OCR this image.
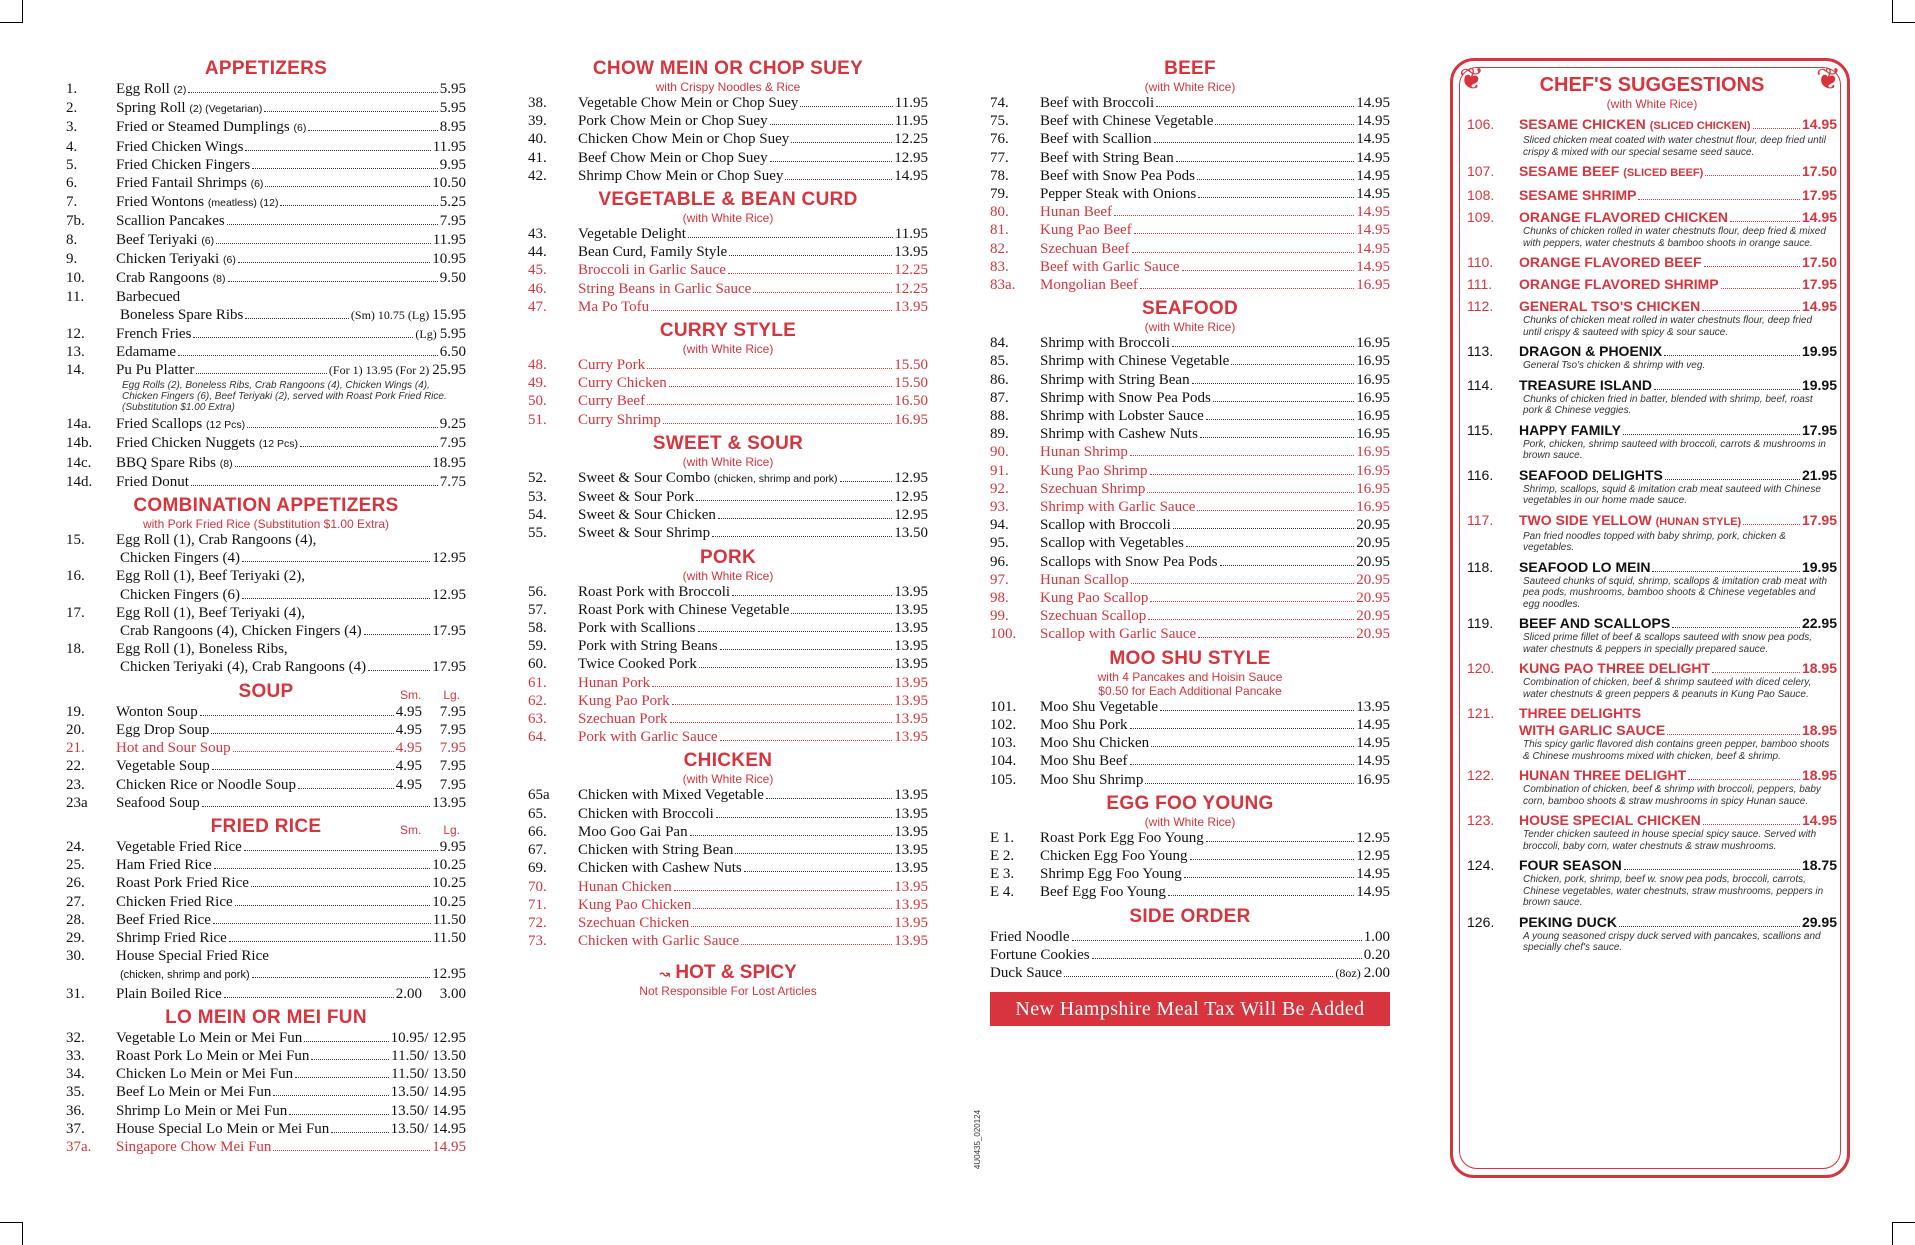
APPETIZERS
1.	Egg Roll (2)	5.95
2.	Spring Roll (2) (Vegetarian)	5.95
3.	Fried or Steamed Dumplings (6)	8.95
4.	Fried Chicken Wings	11.95
5.	Fried Chicken Fingers	9.95
6.	Fried Fantail Shrimps (6)	10.50
7.	Fried Wontons (meatless) (12)	5.25
7b.	Scallion Pancakes	7.95
8.	Beef Teriyaki (6)	11.95
9.	Chicken Teriyaki (6)	10.95
10.	Crab Rangoons (8)	9.50
11.	Barbecued
Boneless Spare Ribs	(Sm) 10.75 (Lg) 15.95
12.	French Fries	(Lg) 5.95
13.	Edamame	6.50
14.	Pu Pu Platter	(For 1) 13.95 (For 2) 25.95
Egg Rolls (2), Boneless Ribs, Crab Rangoons (4), Chicken Wings (4), Chicken Fingers (6), Beef Teriyaki (2), served with Roast Pork Fried Rice. (Substitution $1.00 Extra)
14a.	Fried Scallops (12 Pcs)	9.25
14b.	Fried Chicken Nuggets (12 Pcs)	7.95
14c.	BBQ Spare Ribs (8)	18.95
14d.	Fried Donut	7.75
COMBINATION APPETIZERS
with Pork Fried Rice (Substitution $1.00 Extra)
15.	Egg Roll (1), Crab Rangoons (4),
Chicken Fingers (4)	12.95
16.	Egg Roll (1), Beef Teriyaki (2),
Chicken Fingers (6)	12.95
17.	Egg Roll (1), Beef Teriyaki (4),
Crab Rangoons (4), Chicken Fingers (4)	17.95
18.	Egg Roll (1), Boneless Ribs,
Chicken Teriyaki (4), Crab Rangoons (4)	17.95
SOUP	Sm. Lg.
19.	Wonton Soup	4.95	7.95
20.	Egg Drop Soup	4.95	7.95
21.	Hot and Sour Soup	4.95	7.95
22.	Vegetable Soup	4.95	7.95
23.	Chicken Rice or Noodle Soup	4.95	7.95
23a	Seafood Soup	13.95
FRIED RICE	Sm. Lg.
24.	Vegetable Fried Rice	9.95
25.	Ham Fried Rice	10.25
26.	Roast Pork Fried Rice	10.25
27.	Chicken Fried Rice	10.25
28.	Beef Fried Rice	11.50
29.	Shrimp Fried Rice	11.50
30.	House Special Fried Rice
(chicken, shrimp and pork)	12.95
31.	Plain Boiled Rice	2.00	3.00
LO MEIN OR MEI FUN
32.	Vegetable Lo Mein or Mei Fun	10.95/ 12.95
33.	Roast Pork Lo Mein or Mei Fun	11.50/ 13.50
34.	Chicken Lo Mein or Mei Fun	11.50/ 13.50
35.	Beef Lo Mein or Mei Fun	13.50/ 14.95
36.	Shrimp Lo Mein or Mei Fun	13.50/ 14.95
37.	House Special Lo Mein or Mei Fun	13.50/ 14.95
37a.	Singapore Chow Mei Fun	14.95
CHOW MEIN OR CHOP SUEY
with Crispy Noodles & Rice
38.	Vegetable Chow Mein or Chop Suey	11.95
39.	Pork Chow Mein or Chop Suey	11.95
40.	Chicken Chow Mein or Chop Suey	12.25
41.	Beef Chow Mein or Chop Suey	12.95
42.	Shrimp Chow Mein or Chop Suey	14.95
VEGETABLE & BEAN CURD
(with White Rice)
43.	Vegetable Delight	11.95
44.	Bean Curd, Family Style	13.95
45.	Broccoli in Garlic Sauce	12.25
46.	String Beans in Garlic Sauce	12.25
47.	Ma Po Tofu	13.95
CURRY STYLE
(with White Rice)
48.	Curry Pork	15.50
49.	Curry Chicken	15.50
50.	Curry Beef	16.50
51.	Curry Shrimp	16.95
SWEET & SOUR
(with White Rice)
52.	Sweet & Sour Combo (chicken, shrimp and pork)	12.95
53.	Sweet & Sour Pork	12.95
54.	Sweet & Sour Chicken	12.95
55.	Sweet & Sour Shrimp	13.50
PORK
(with White Rice)
56.	Roast Pork with Broccoli	13.95
57.	Roast Pork with Chinese Vegetable	13.95
58.	Pork with Scallions	13.95
59.	Pork with String Beans	13.95
60.	Twice Cooked Pork	13.95
61.	Hunan Pork	13.95
62.	Kung Pao Pork	13.95
63.	Szechuan Pork	13.95
64.	Pork with Garlic Sauce	13.95
CHICKEN
(with White Rice)
65a	Chicken with Mixed Vegetable	13.95
65.	Chicken with Broccoli	13.95
66.	Moo Goo Gai Pan	13.95
67.	Chicken with String Bean	13.95
69.	Chicken with Cashew Nuts	13.95
70.	Hunan Chicken	13.95
71.	Kung Pao Chicken	13.95
72.	Szechuan Chicken	13.95
73.	Chicken with Garlic Sauce	13.95
↝ HOT & SPICY
Not Responsible For Lost Articles
4U0435_020124
BEEF
(with White Rice)
74.	Beef with Broccoli	14.95
75.	Beef with Chinese Vegetable	14.95
76.	Beef with Scallion	14.95
77.	Beef with String Bean	14.95
78.	Beef with Snow Pea Pods	14.95
79.	Pepper Steak with Onions	14.95
80.	Hunan Beef	14.95
81.	Kung Pao Beef	14.95
82.	Szechuan Beef	14.95
83.	Beef with Garlic Sauce	14.95
83a.	Mongolian Beef	16.95
SEAFOOD
(with White Rice)
84.	Shrimp with Broccoli	16.95
85.	Shrimp with Chinese Vegetable	16.95
86.	Shrimp with String Bean	16.95
87.	Shrimp with Snow Pea Pods	16.95
88.	Shrimp with Lobster Sauce	16.95
89.	Shrimp with Cashew Nuts	16.95
90.	Hunan Shrimp	16.95
91.	Kung Pao Shrimp	16.95
92.	Szechuan Shrimp	16.95
93.	Shrimp with Garlic Sauce	16.95
94.	Scallop with Broccoli	20.95
95.	Scallop with Vegetables	20.95
96.	Scallops with Snow Pea Pods	20.95
97.	Hunan Scallop	20.95
98.	Kung Pao Scallop	20.95
99.	Szechuan Scallop	20.95
100.	Scallop with Garlic Sauce	20.95
MOO SHU STYLE
with 4 Pancakes and Hoisin Sauce
$0.50 for Each Additional Pancake
101.	Moo Shu Vegetable	13.95
102.	Moo Shu Pork	14.95
103.	Moo Shu Chicken	14.95
104.	Moo Shu Beef	14.95
105.	Moo Shu Shrimp	16.95
EGG FOO YOUNG
(with White Rice)
E 1.	Roast Pork Egg Foo Young	12.95
E 2.	Chicken Egg Foo Young	12.95
E 3.	Shrimp Egg Foo Young	14.95
E 4.	Beef Egg Foo Young	14.95
SIDE ORDER
Fried Noodle	1.00
Fortune Cookies	0.20
Duck Sauce	(8oz) 2.00
New Hampshire Meal Tax Will Be Added
❦	❦
CHEF'S SUGGESTIONS
(with White Rice)
106.	SESAME CHICKEN (SLICED CHICKEN)	14.95
Sliced chicken meat coated with water chestnut flour, deep fried until crispy & mixed with our special sesame seed sauce.
107.	SESAME BEEF (SLICED BEEF)	17.50
108.	SESAME SHRIMP	17.95
109.	ORANGE FLAVORED CHICKEN	14.95
Chunks of chicken rolled in water chestnuts flour, deep fried & mixed with peppers, water chestnuts & bamboo shoots in orange sauce.
110.	ORANGE FLAVORED BEEF	17.50
111.	ORANGE FLAVORED SHRIMP	17.95
112.	GENERAL TSO'S CHICKEN	14.95
Chunks of chicken meat rolled in water chestnuts flour, deep fried until crispy & sauteed with spicy & sour sauce.
113.	DRAGON & PHOENIX	19.95
General Tso's chicken & shrimp with veg.
114.	TREASURE ISLAND	19.95
Chunks of chicken fried in batter, blended with shrimp, beef, roast pork & Chinese veggies.
115.	HAPPY FAMILY	17.95
Pork, chicken, shrimp sauteed with broccoli, carrots & mushrooms in brown sauce.
116.	SEAFOOD DELIGHTS	21.95
Shrimp, scallops, squid & imitation crab meat sauteed with Chinese vegetables in our home made sauce.
117.	TWO SIDE YELLOW (HUNAN STYLE)	17.95
Pan fried noodles topped with baby shrimp, pork, chicken & vegetables.
118.	SEAFOOD LO MEIN	19.95
Sauteed chunks of squid, shrimp, scallops & imitation crab meat with pea pods, mushrooms, bamboo shoots & Chinese vegetables and egg noodles.
119.	BEEF AND SCALLOPS	22.95
Sliced prime fillet of beef & scallops sauteed with snow pea pods, water chestnuts & peppers in specially prepared sauce.
120.	KUNG PAO THREE DELIGHT	18.95
Combination of chicken, beef & shrimp sauteed with diced celery, water chestnuts & green peppers & peanuts in Kung Pao Sauce.
121.	THREE DELIGHTS
WITH GARLIC SAUCE	18.95
This spicy garlic flavored dish contains green pepper, bamboo shoots & Chinese mushrooms mixed with chicken, beef & shrimp.
122.	HUNAN THREE DELIGHT	18.95
Combination of chicken, beef & shrimp with broccoli, peppers, baby corn, bamboo shoots & straw mushrooms in spicy Hunan sauce.
123.	HOUSE SPECIAL CHICKEN	14.95
Tender chicken sauteed in house special spicy sauce. Served with broccoli, baby corn, water chestnuts & straw mushrooms.
124.	FOUR SEASON	18.75
Chicken, pork, shrimp, beef w. snow pea pods, broccoli, carrots, Chinese vegetables, water chestnuts, straw mushrooms, peppers in brown sauce.
126.	PEKING DUCK	29.95
A young seasoned crispy duck served with pancakes, scallions and specially chef's sauce.
